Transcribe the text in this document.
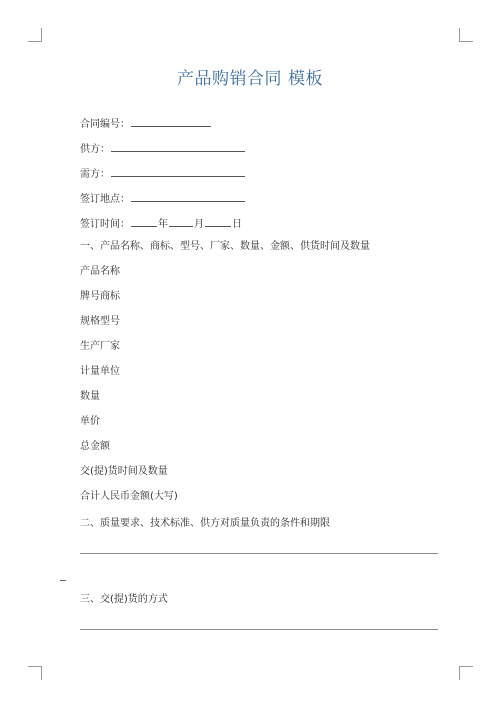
产品购销合同 模板
合同编号：
供方：
需方：
签订地点：
签订时间：	年	月	日
一、产品名称、商标、型号、厂家、数量、金额、供货时间及数量
产品名称
牌号商标
规格型号
生产厂家
计量单位
数量
单价
总金额
交(提)货时间及数量
合计人民币金额(大写)
二、质量要求、技术标准、供方对质量负责的条件和期限
三、交(提)货的方式
